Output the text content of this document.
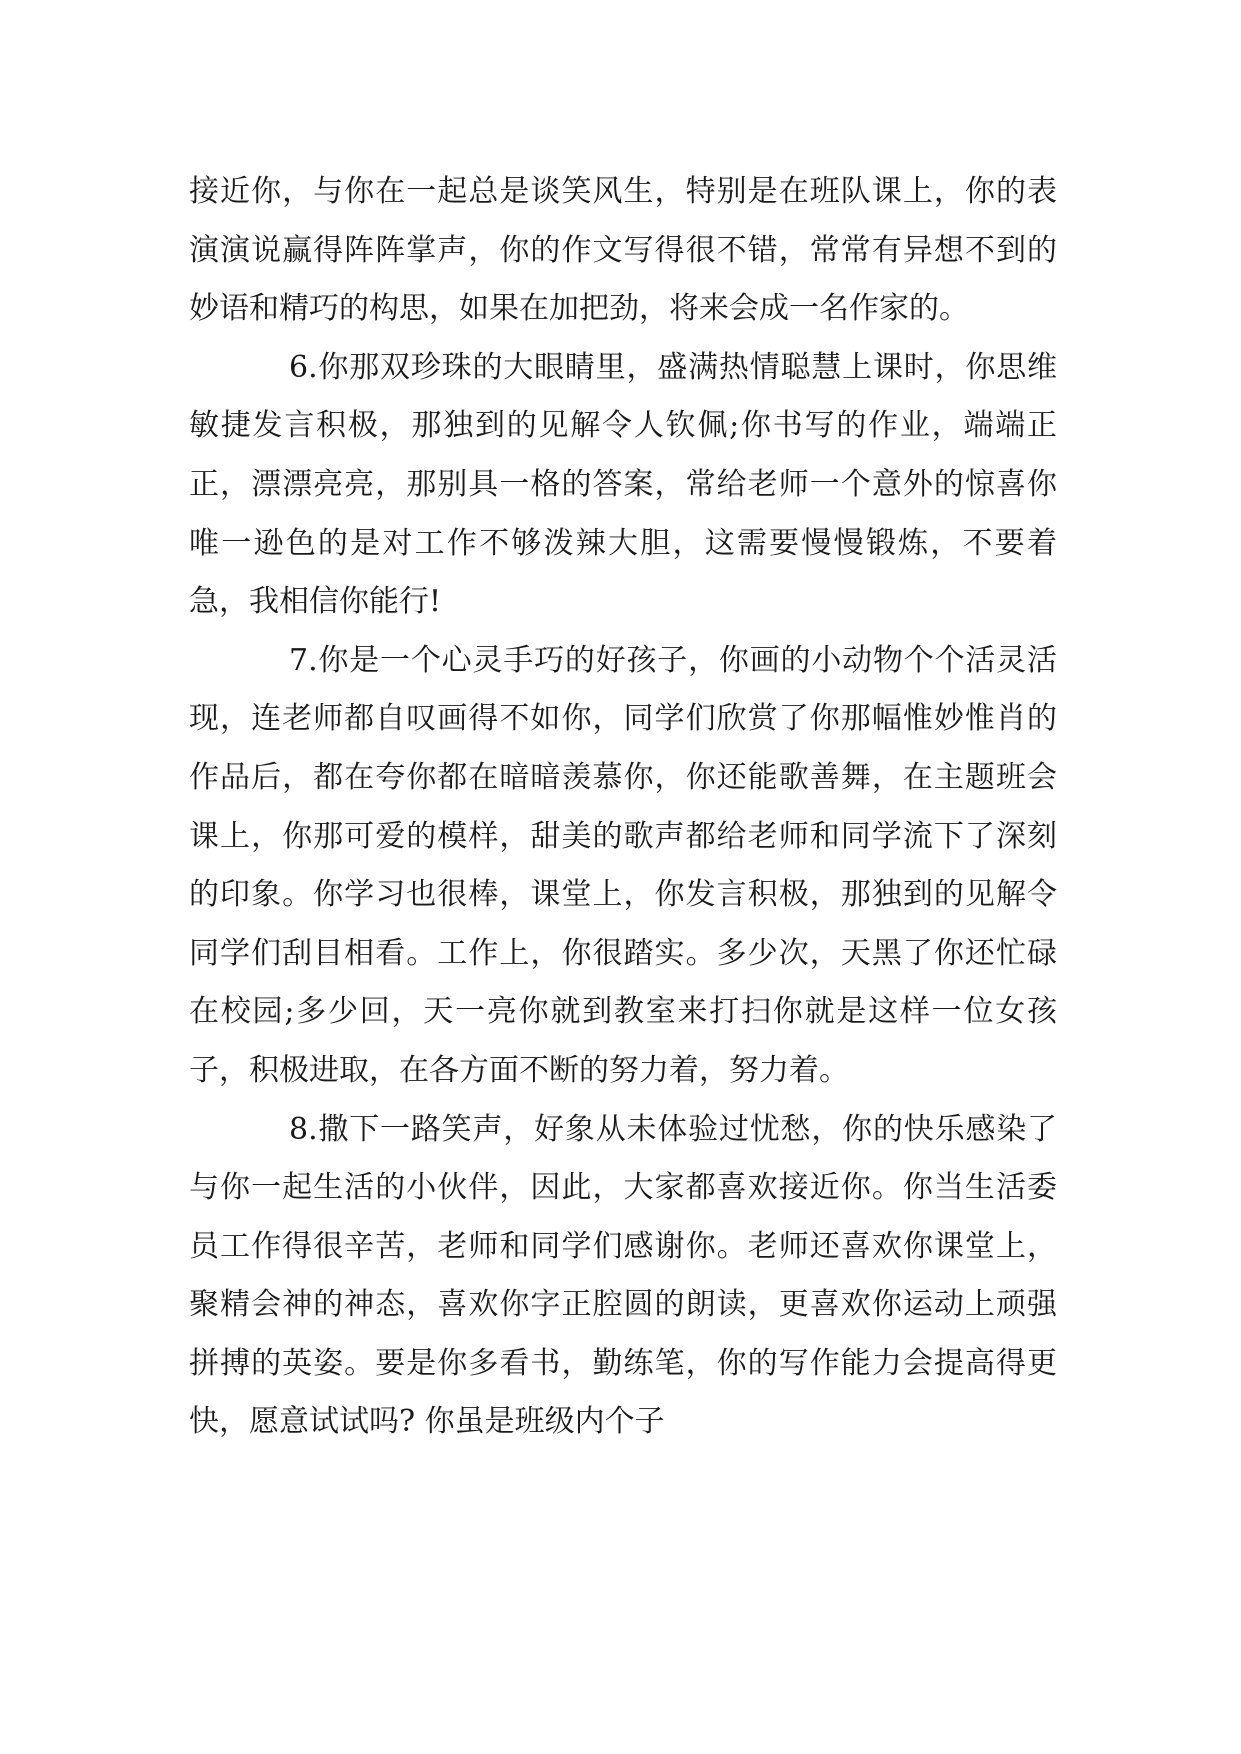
接近你，与你在一起总是谈笑风生，特别是在班队课上，你的表演演说赢得阵阵掌声，你的作文写得很不错，常常有异想不到的妙语和精巧的构思，如果在加把劲，将来会成一名作家的。

6.你那双珍珠的大眼睛里，盛满热情聪慧上课时，你思维敏捷发言积极，那独到的见解令人钦佩;你书写的作业，端端正正，漂漂亮亮，那别具一格的答案，常给老师一个意外的惊喜你唯一逊色的是对工作不够泼辣大胆，这需要慢慢锻炼，不要着急，我相信你能行!

7.你是一个心灵手巧的好孩子，你画的小动物个个活灵活现，连老师都自叹画得不如你，同学们欣赏了你那幅惟妙惟肖的作品后，都在夸你都在暗暗羡慕你，你还能歌善舞，在主题班会课上，你那可爱的模样，甜美的歌声都给老师和同学流下了深刻的印象。你学习也很棒，课堂上，你发言积极，那独到的见解令同学们刮目相看。工作上，你很踏实。多少次，天黑了你还忙碌在校园;多少回，天一亮你就到教室来打扫你就是这样一位女孩子，积极进取，在各方面不断的努力着，努力着。

8.撒下一路笑声，好象从未体验过忧愁，你的快乐感染了与你一起生活的小伙伴，因此，大家都喜欢接近你。你当生活委员工作得很辛苦，老师和同学们感谢你。老师还喜欢你课堂上，聚精会神的神态，喜欢你字正腔圆的朗读，更喜欢你运动上顽强拼搏的英姿。要是你多看书，勤练笔，你的写作能力会提高得更快，愿意试试吗? 你虽是班级内个子
